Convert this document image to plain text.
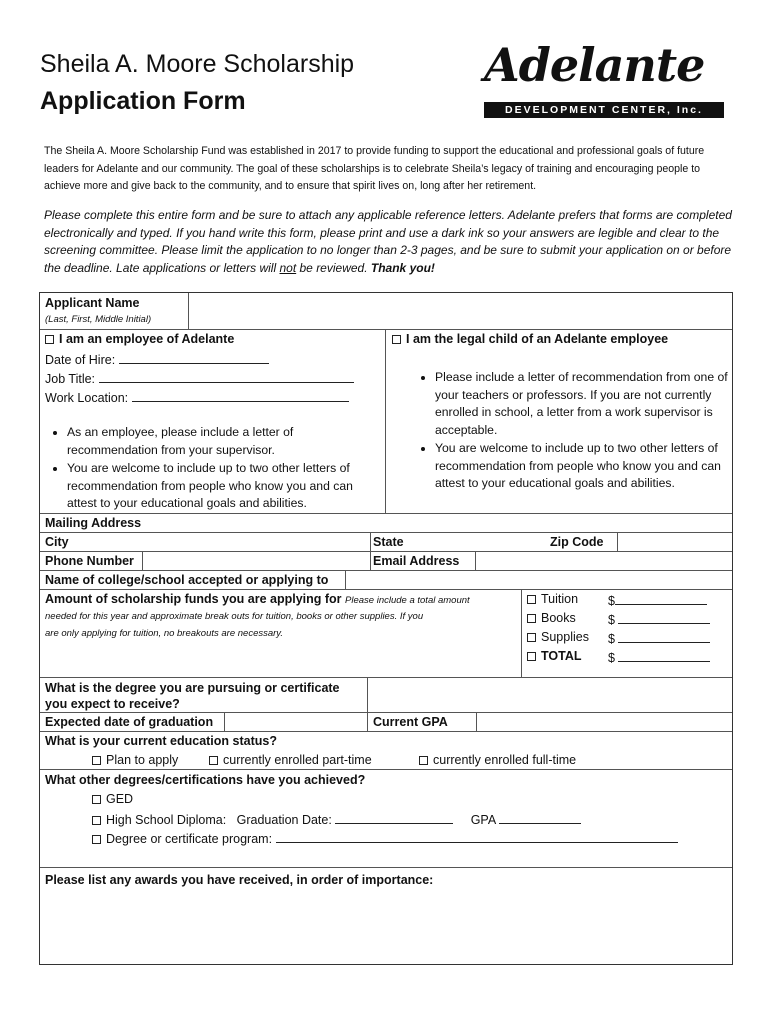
Sheila A. Moore Scholarship
Application Form
Adelante
DEVELOPMENT CENTER, Inc.
The Sheila A. Moore Scholarship Fund was established in 2017 to provide funding to support the educational and professional goals of future leaders for Adelante and our community. The goal of these scholarships is to celebrate Sheila’s legacy of training and encouraging people to achieve more and give back to the community, and to ensure that spirit lives on, long after her retirement.
Please complete this entire form and be sure to attach any applicable reference letters. Adelante prefers that forms are completed electronically and typed. If you hand write this form, please print and use a dark ink so your answers are legible and clear to the screening committee. Please limit the application to no longer than 2-3 pages, and be sure to submit your application on or before the deadline. Late applications or letters will not be reviewed. Thank you!
Applicant Name
(Last, First, Middle Initial)
I am an employee of Adelante
Date of Hire:
Job Title:
Work Location:
• As an employee, please include a letter of recommendation from your supervisor.
• You are welcome to include up to two other letters of recommendation from people who know you and can attest to your educational goals and abilities.
I am the legal child of an Adelante employee
• Please include a letter of recommendation from one of your teachers or professors. If you are not currently enrolled in school, a letter from a work supervisor is acceptable.
• You are welcome to include up to two other letters of recommendation from people who know you and can attest to your educational goals and abilities.
Mailing Address
City	State	Zip Code
Phone Number	Email Address
Name of college/school accepted or applying to
Amount of scholarship funds you are applying for Please include a total amount
needed for this year and approximate break outs for tuition, books or other supplies. If you
are only applying for tuition, no breakouts are necessary.
Tuition $
Books	$
Supplies $
TOTAL $
What is the degree you are pursuing or certificate
you expect to receive?
Expected date of graduation	Current GPA
What is your current education status?
Plan to apply	currently enrolled part-time	currently enrolled full-time
What other degrees/certifications have you achieved?
GED
High School Diploma: Graduation Date:	GPA
Degree or certificate program:
Please list any awards you have received, in order of importance:
